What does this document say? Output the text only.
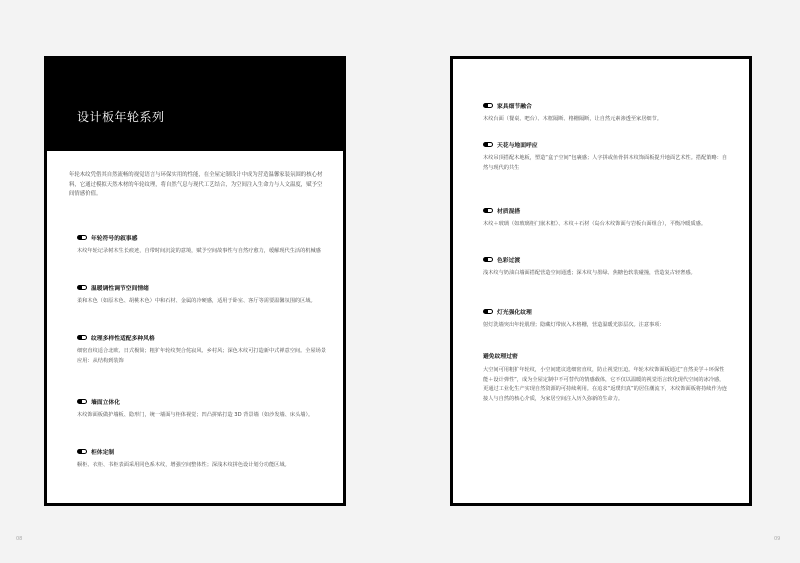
设计板年轮系列

年轮木纹凭借其自然流畅的视觉语言与环保实用的性能，在全屋定制设计中成为营造温馨家装氛围的核心材料，它通过模拟天然木材的年轮纹理，将自然气息与现代工艺结合，为空间注入生命力与人文温度，赋予空间情感价值。

年轮符号的叙事感

木纹年轮记录树木生长痕迹，自带时间沉淀的意境，赋予空间故事性与自然疗愈力，缓解现代生活的机械感

温暖调性调节空间情绪

柔和木色（如原木色、胡桃木色）中和石材、金属的冷硬感，适用于卧室、客厅等需要温馨氛围的区域。

纹理多样性适配多种风格

细密直纹适合北欧、日式极简；粗犷年轮纹契合侘寂风、乡村风；深色木纹可打造新中式禅意空间。全屋场景应用：从结构到装饰

墙面立体化

木纹饰面板做护墙板、隐形门，统一墙面与柜体视觉；凹凸拼贴打造 3D 背景墙（如沙发墙、床头墙）。

柜体定制

橱柜、衣柜、书柜表面采用同色系木纹，增强空间整体性；深浅木纹拼色设计划分功能区域。

家具细节融合

木纹台面（餐桌、吧台）、木框隔断、格栅隔断，让自然元素渗透至家居细节。

天花与地面呼应

木纹吊顶搭配木地板，塑造“盒子空间”包裹感；人字拼或鱼骨拼木纹饰面板提升地面艺术性。搭配策略：自然与现代的共生

材质混搭

木纹＋玻璃（如玻璃柜门嵌木框）、木纹＋石材（岛台木纹饰面与岩板台面组合），平衡冷暖质感。

色彩过渡

浅木纹与奶油白墙面搭配营造空间通透；深木纹与墨绿、焦糖色软装碰撞，营造复古轻奢感。

灯光强化纹理

射灯洗墙突出年轮肌理；隐藏灯带嵌入木格栅，营造温暖光影层次。注意事项：

避免纹理过密

大空间可用粗犷年轮纹，小空间建议选细密直纹，防止视觉压迫。年轮木纹饰面板通过“自然美学＋环保性能＋设计弹性”，成为全屋定制中不可替代的情感载体，它不仅以温暖的视觉语言软化现代空间的冰冷感，更通过工业化生产实现自然资源的可持续利用。在追求“返璞归真”的居住潮流下，木纹饰面板将持续作为连接人与自然的核心介质，为家居空间注入历久弥新的生命力。

08	09
